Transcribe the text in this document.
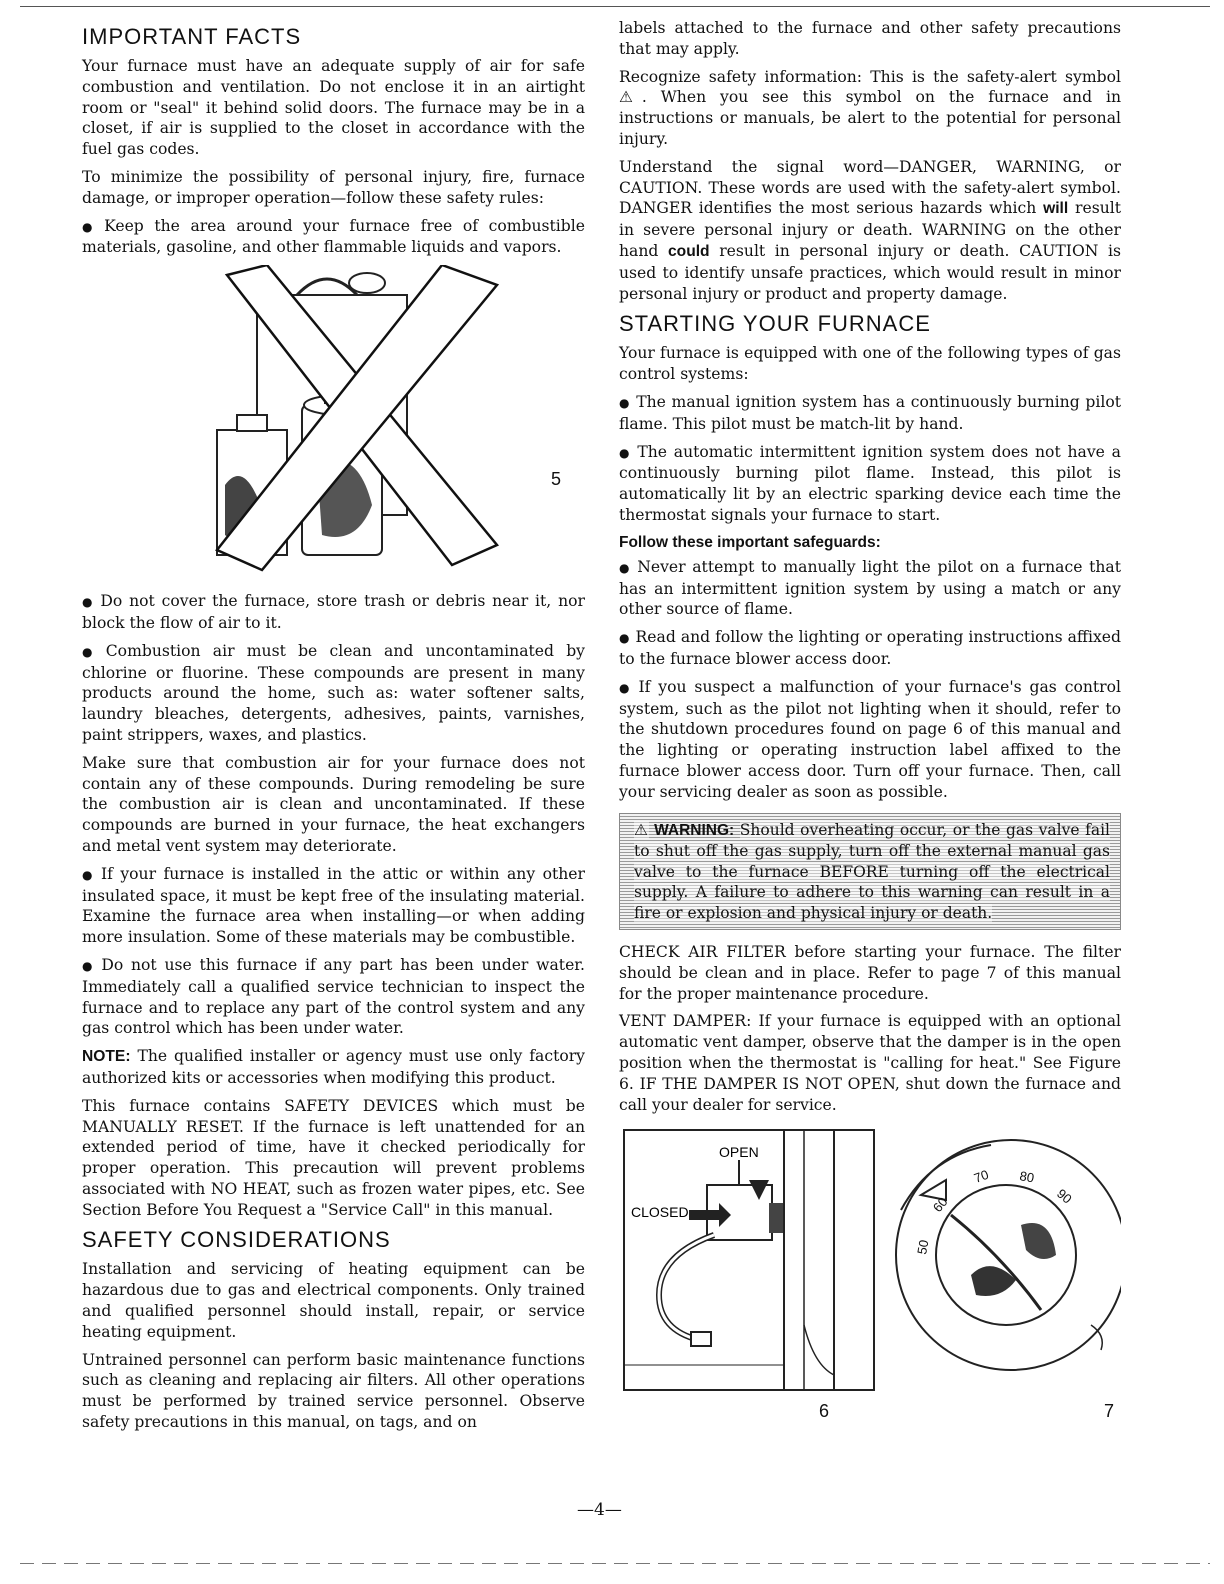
IMPORTANT FACTS

Your furnace must have an adequate supply of air for safe combustion and ventilation. Do not enclose it in an airtight room or "seal" it behind solid doors. The furnace may be in a closet, if air is supplied to the closet in accordance with the fuel gas codes.

To minimize the possibility of personal injury, fire, furnace damage, or improper operation—follow these safety rules:

● Keep the area around your furnace free of combustible materials, gasoline, and other flammable liquids and vapors.

5

● Do not cover the furnace, store trash or debris near it, nor block the flow of air to it.

● Combustion air must be clean and uncontaminated by chlorine or fluorine. These compounds are present in many products around the home, such as: water softener salts, laundry bleaches, detergents, adhesives, paints, varnishes, paint strippers, waxes, and plastics.

Make sure that combustion air for your furnace does not contain any of these compounds. During remodeling be sure the combustion air is clean and uncontaminated. If these compounds are burned in your furnace, the heat exchangers and metal vent system may deteriorate.

● If your furnace is installed in the attic or within any other insulated space, it must be kept free of the insulating material. Examine the furnace area when installing—or when adding more insulation. Some of these materials may be combustible.

● Do not use this furnace if any part has been under water. Immediately call a qualified service technician to inspect the furnace and to replace any part of the control system and any gas control which has been under water.

NOTE: The qualified installer or agency must use only factory authorized kits or accessories when modifying this product.

This furnace contains SAFETY DEVICES which must be MANUALLY RESET. If the furnace is left unattended for an extended period of time, have it checked periodically for proper operation. This precaution will prevent problems associated with NO HEAT, such as frozen water pipes, etc. See Section Before You Request a "Service Call" in this manual.

SAFETY CONSIDERATIONS

Installation and servicing of heating equipment can be hazardous due to gas and electrical components. Only trained and qualified personnel should install, repair, or service heating equipment.

Untrained personnel can perform basic maintenance functions such as cleaning and replacing air filters. All other operations must be performed by trained service personnel. Observe safety precautions in this manual, on tags, and on

labels attached to the furnace and other safety precautions that may apply.

Recognize safety information: This is the safety-alert symbol ⚠. When you see this symbol on the furnace and in instructions or manuals, be alert to the potential for personal injury.

Understand the signal word—DANGER, WARNING, or CAUTION. These words are used with the safety-alert symbol. DANGER identifies the most serious hazards which will result in severe personal injury or death. WARNING on the other hand could result in personal injury or death. CAUTION is used to identify unsafe practices, which would result in minor personal injury or product and property damage.

STARTING YOUR FURNACE

Your furnace is equipped with one of the following types of gas control systems:

● The manual ignition system has a continuously burning pilot flame. This pilot must be match-lit by hand.

● The automatic intermittent ignition system does not have a continuously burning pilot flame. Instead, this pilot is automatically lit by an electric sparking device each time the thermostat signals your furnace to start.

Follow these important safeguards:

● Never attempt to manually light the pilot on a furnace that has an intermittent ignition system by using a match or any other source of flame.

● Read and follow the lighting or operating instructions affixed to the furnace blower access door.

● If you suspect a malfunction of your furnace's gas control system, such as the pilot not lighting when it should, refer to the shutdown procedures found on page 6 of this manual and the lighting or operating instruction label affixed to the furnace blower access door. Turn off your furnace. Then, call your servicing dealer as soon as possible.

⚠ WARNING: Should overheating occur, or the gas valve fail to shut off the gas supply, turn off the external manual gas valve to the furnace BEFORE turning off the electrical supply. A failure to adhere to this warning can result in a fire or explosion and physical injury or death.

CHECK AIR FILTER before starting your furnace. The filter should be clean and in place. Refer to page 7 of this manual for the proper maintenance procedure.

VENT DAMPER: If your furnace is equipped with an optional automatic vent damper, observe that the damper is in the open position when the thermostat is "calling for heat." See Figure 6. IF THE DAMPER IS NOT OPEN, shut down the furnace and call your dealer for service.

OPEN
CLOSED
6
50
60
70 80
90
7
—4—
